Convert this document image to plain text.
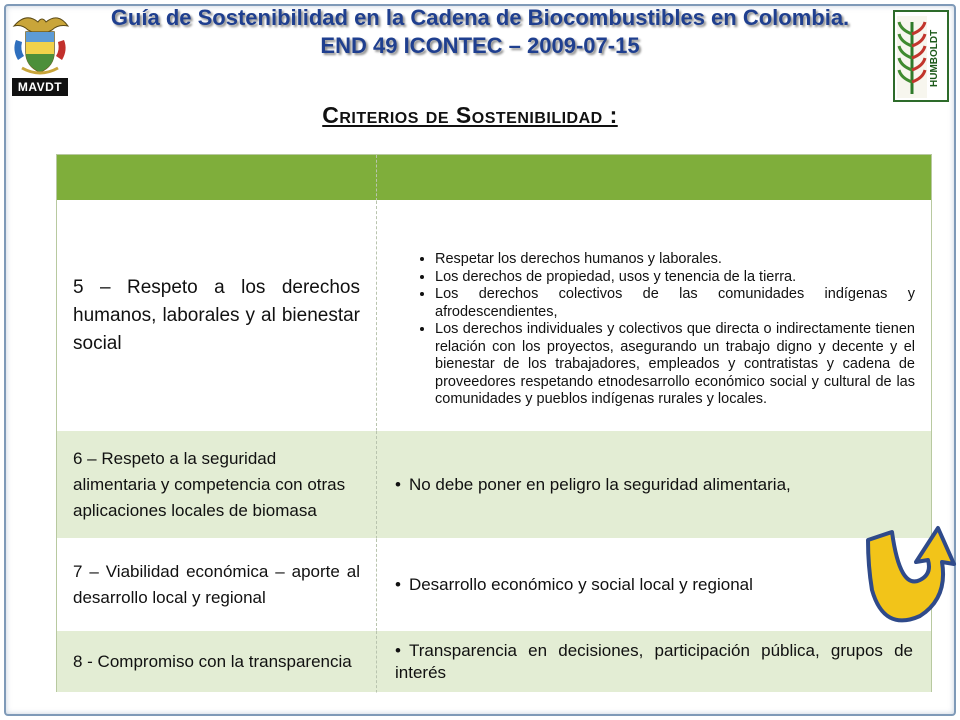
MAVDT
Guía de Sostenibilidad en la Cadena de Biocombustibles en Colombia. END 49 ICONTEC – 2009-07-15	HUMBOLDT
Criterios de Sostenibilidad :
5 – Respeto a los derechos humanos, laborales y al bienestar social
• Respetar los derechos humanos y laborales.
• Los derechos de propiedad, usos y tenencia de la tierra.
• Los derechos colectivos de las comunidades indígenas y afrodescendientes,
• Los derechos individuales y colectivos que directa o indirectamente tienen relación con los proyectos, asegurando un trabajo digno y decente y el bienestar de los trabajadores, empleados y contratistas y cadena de proveedores respetando etnodesarrollo económico social y cultural de las comunidades y pueblos indígenas rurales y locales.
6 – Respeto a la seguridad alimentaria y competencia con otras aplicaciones locales de biomasa
• No debe poner en peligro la seguridad alimentaria,
7 – Viabilidad económica – aporte al desarrollo local y regional
• Desarrollo económico y social local y regional
8 - Compromiso con la transparencia
• Transparencia en decisiones, participación pública, grupos de interés
